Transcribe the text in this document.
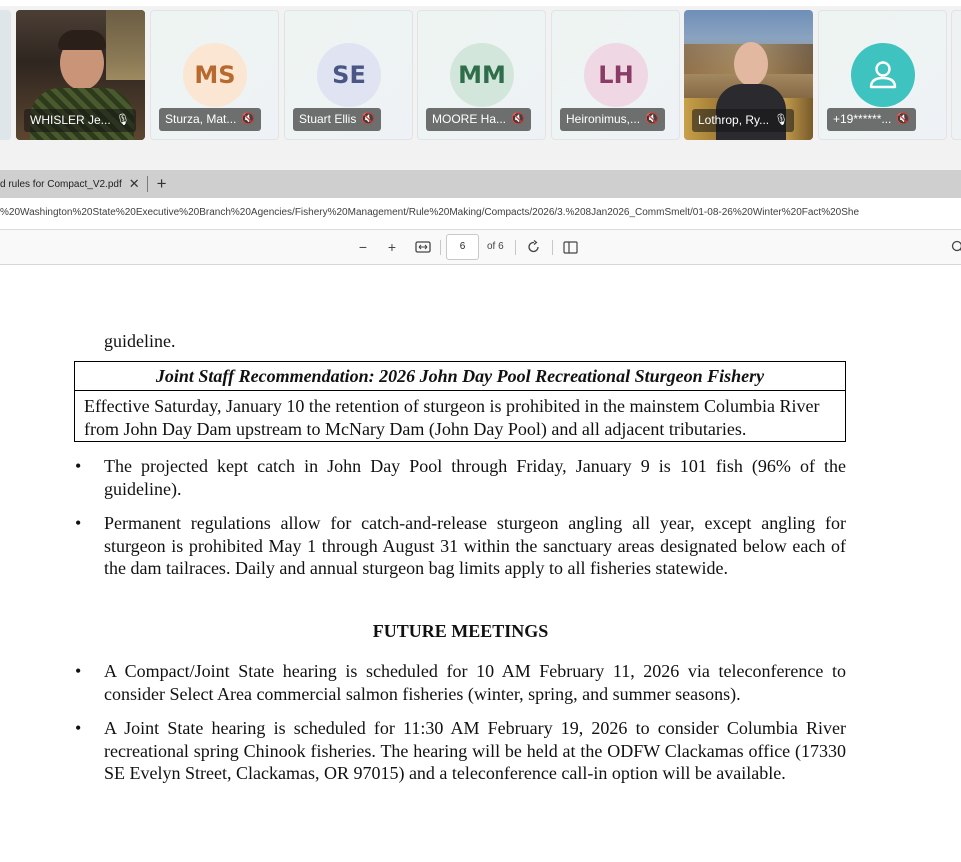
WHISLER Je... 🎙
MS
Sturza, Mat... 🔇
SE
Stuart Ellis 🔇
MM
MOORE Ha... 🔇
LH
Heironimus,... 🔇	Lothrop, Ry... 🎙	+19******... 🔇
d rules for Compact_V2.pdf ✕ +
%20Washington%20State%20Executive%20Branch%20Agencies/Fishery%20Management/Rule%20Making/Compacts/2026/3.%208Jan2026_CommSmelt/01-08-26%20Winter%20Fact%20She
− +	6	of 6
guideline.
Joint Staff Recommendation: 2026 John Day Pool Recreational Sturgeon Fishery
Effective Saturday, January 10 the retention of sturgeon is prohibited in the mainstem Columbia River from John Day Dam upstream to McNary Dam (John Day Pool) and all adjacent tributaries.
• The projected kept catch in John Day Pool through Friday, January 9 is 101 fish (96% of the guideline).
• Permanent regulations allow for catch-and-release sturgeon angling all year, except angling for sturgeon is prohibited May 1 through August 31 within the sanctuary areas designated below each of the dam tailraces. Daily and annual sturgeon bag limits apply to all fisheries statewide.
FUTURE MEETINGS
• A Compact/Joint State hearing is scheduled for 10 AM February 11, 2026 via teleconference to consider Select Area commercial salmon fisheries (winter, spring, and summer seasons).
• A Joint State hearing is scheduled for 11:30 AM February 19, 2026 to consider Columbia River recreational spring Chinook fisheries. The hearing will be held at the ODFW Clackamas office (17330 SE Evelyn Street, Clackamas, OR 97015) and a teleconference call-in option will be available.
